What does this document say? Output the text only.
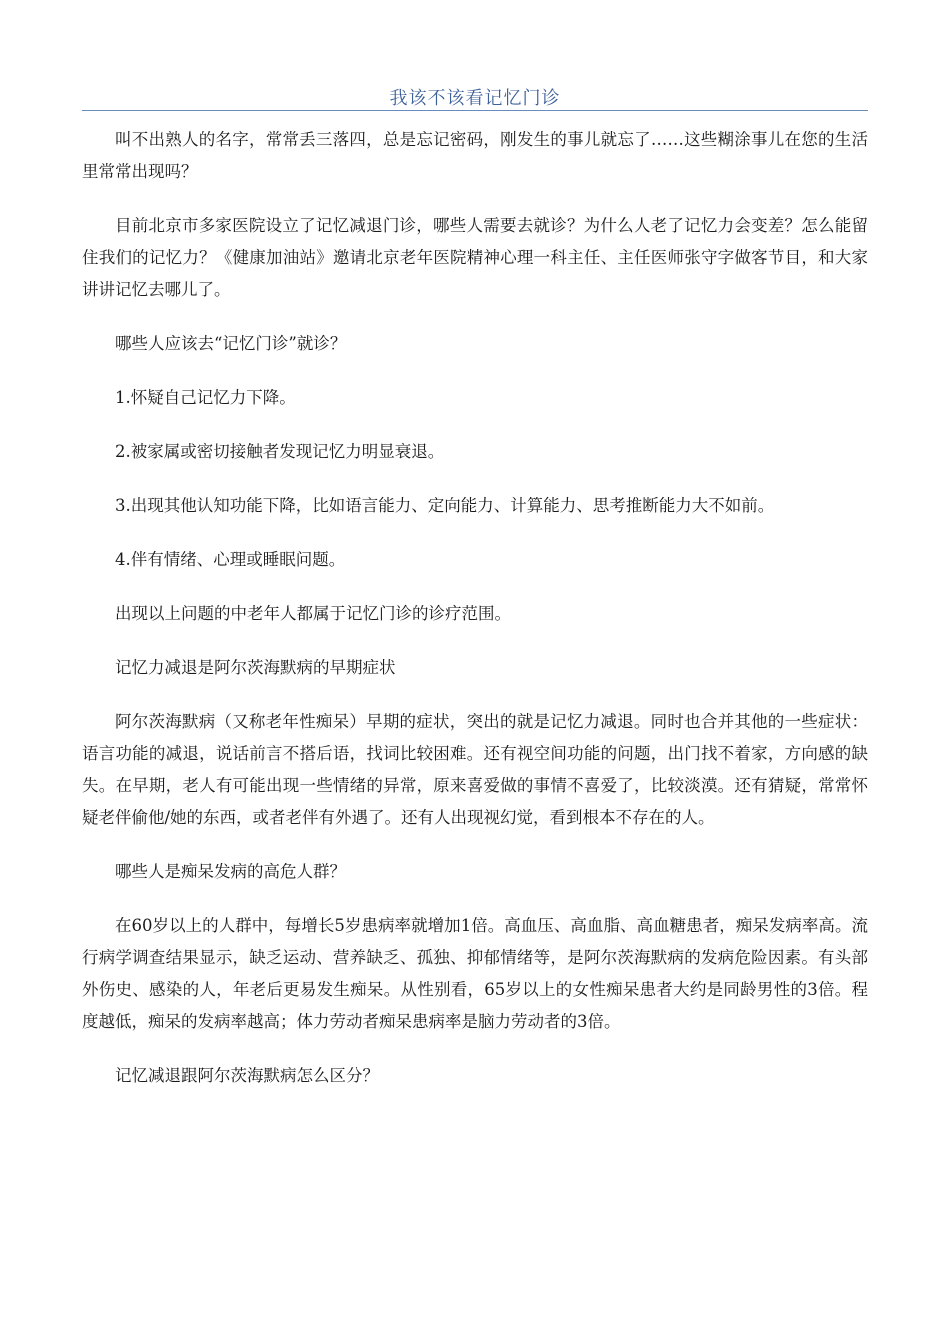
我该不该看记忆门诊

叫不出熟人的名字，常常丢三落四，总是忘记密码，刚发生的事儿就忘了……这些糊涂事儿在您的生活里常常出现吗？

目前北京市多家医院设立了记忆减退门诊，哪些人需要去就诊？为什么人老了记忆力会变差？怎么能留住我们的记忆力？《健康加油站》邀请北京老年医院精神心理一科主任、主任医师张守字做客节目，和大家讲讲记忆去哪儿了。

哪些人应该去“记忆门诊”就诊？

1.怀疑自己记忆力下降。

2.被家属或密切接触者发现记忆力明显衰退。

3.出现其他认知功能下降，比如语言能力、定向能力、计算能力、思考推断能力大不如前。

4.伴有情绪、心理或睡眠问题。

出现以上问题的中老年人都属于记忆门诊的诊疗范围。

记忆力减退是阿尔茨海默病的早期症状

阿尔茨海默病（又称老年性痴呆）早期的症状，突出的就是记忆力减退。同时也合并其他的一些症状：语言功能的减退，说话前言不搭后语，找词比较困难。还有视空间功能的问题，出门找不着家，方向感的缺失。在早期，老人有可能出现一些情绪的异常，原来喜爱做的事情不喜爱了，比较淡漠。还有猜疑，常常怀疑老伴偷他/她的东西，或者老伴有外遇了。还有人出现视幻觉，看到根本不存在的人。

哪些人是痴呆发病的高危人群？

在60岁以上的人群中，每增长5岁患病率就增加1倍。高血压、高血脂、高血糖患者，痴呆发病率高。流行病学调查结果显示，缺乏运动、营养缺乏、孤独、抑郁情绪等，是阿尔茨海默病的发病危险因素。有头部外伤史、感染的人，年老后更易发生痴呆。从性别看，65岁以上的女性痴呆患者大约是同龄男性的3倍。程度越低，痴呆的发病率越高；体力劳动者痴呆患病率是脑力劳动者的3倍。

记忆减退跟阿尔茨海默病怎么区分？
